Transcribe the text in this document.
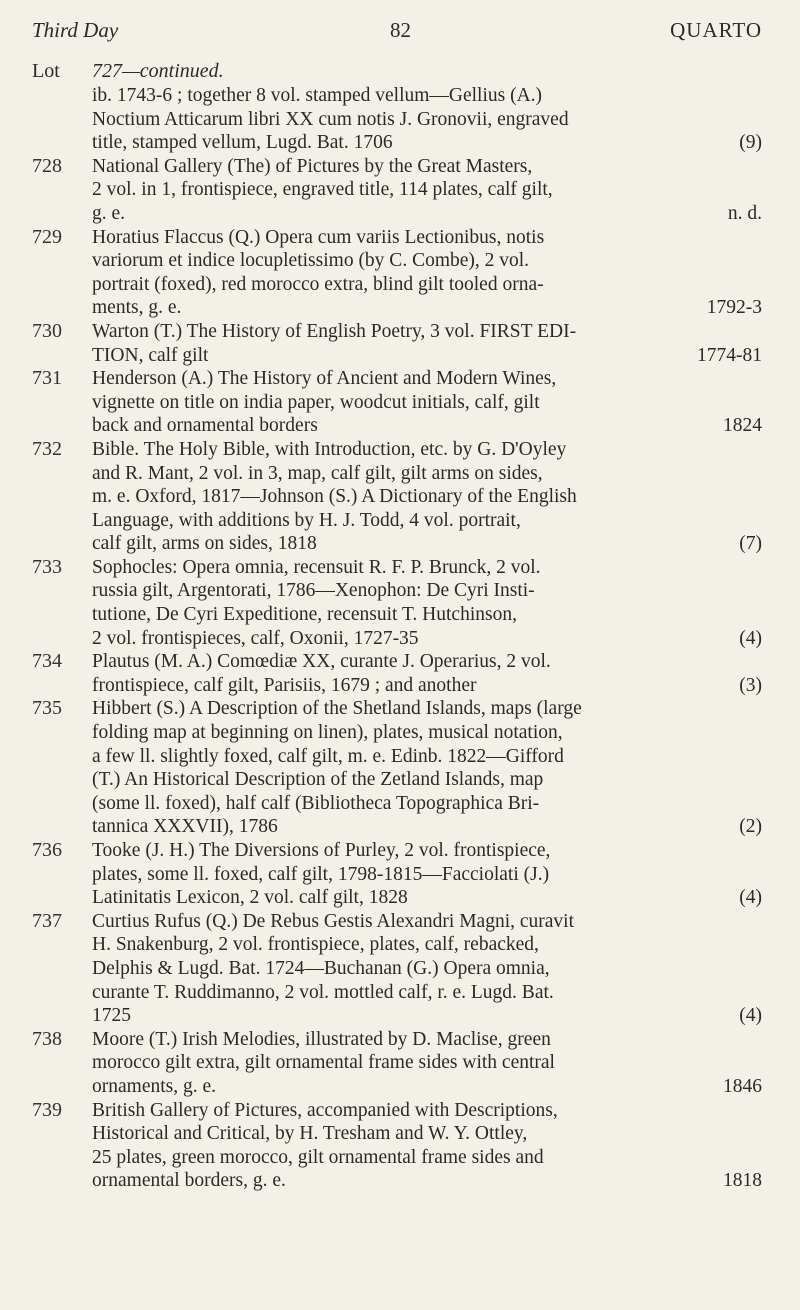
Third Day	82	QUARTO
Lot	727—continued.
ib. 1743-6 ; together 8 vol. stamped vellum—Gellius (A.)
Noctium Atticarum libri XX cum notis J. Gronovii, engraved
title, stamped vellum, Lugd. Bat. 1706	(9)
728	National Gallery (The) of Pictures by the Great Masters,
2 vol. in 1, frontispiece, engraved title, 114 plates, calf gilt,
g. e.	n. d.
729	Horatius Flaccus (Q.) Opera cum variis Lectionibus, notis
variorum et indice locupletissimo (by C. Combe), 2 vol.
portrait (foxed), red morocco extra, blind gilt tooled orna-
ments, g. e.	1792-3
730	Warton (T.) The History of English Poetry, 3 vol. FIRST EDI-
TION, calf gilt	1774-81
731	Henderson (A.) The History of Ancient and Modern Wines,
vignette on title on india paper, woodcut initials, calf, gilt
back and ornamental borders	1824
732	Bible. The Holy Bible, with Introduction, etc. by G. D'Oyley
and R. Mant, 2 vol. in 3, map, calf gilt, gilt arms on sides,
m. e. Oxford, 1817—Johnson (S.) A Dictionary of the English
Language, with additions by H. J. Todd, 4 vol. portrait,
calf gilt, arms on sides, 1818	(7)
733	Sophocles: Opera omnia, recensuit R. F. P. Brunck, 2 vol.
russia gilt, Argentorati, 1786—Xenophon: De Cyri Insti-
tutione, De Cyri Expeditione, recensuit T. Hutchinson,
2 vol. frontispieces, calf, Oxonii, 1727-35	(4)
734	Plautus (M. A.) Comœdiæ XX, curante J. Operarius, 2 vol.
frontispiece, calf gilt, Parisiis, 1679 ; and another	(3)
735	Hibbert (S.) A Description of the Shetland Islands, maps (large
folding map at beginning on linen), plates, musical notation,
a few ll. slightly foxed, calf gilt, m. e. Edinb. 1822—Gifford
(T.) An Historical Description of the Zetland Islands, map
(some ll. foxed), half calf (Bibliotheca Topographica Bri-
tannica XXXVII), 1786	(2)
736	Tooke (J. H.) The Diversions of Purley, 2 vol. frontispiece,
plates, some ll. foxed, calf gilt, 1798-1815—Facciolati (J.)
Latinitatis Lexicon, 2 vol. calf gilt, 1828	(4)
737	Curtius Rufus (Q.) De Rebus Gestis Alexandri Magni, curavit
H. Snakenburg, 2 vol. frontispiece, plates, calf, rebacked,
Delphis & Lugd. Bat. 1724—Buchanan (G.) Opera omnia,
curante T. Ruddimanno, 2 vol. mottled calf, r. e. Lugd. Bat.
1725	(4)
738	Moore (T.) Irish Melodies, illustrated by D. Maclise, green
morocco gilt extra, gilt ornamental frame sides with central
ornaments, g. e.	1846
739	British Gallery of Pictures, accompanied with Descriptions,
Historical and Critical, by H. Tresham and W. Y. Ottley,
25 plates, green morocco, gilt ornamental frame sides and
ornamental borders, g. e.	1818
